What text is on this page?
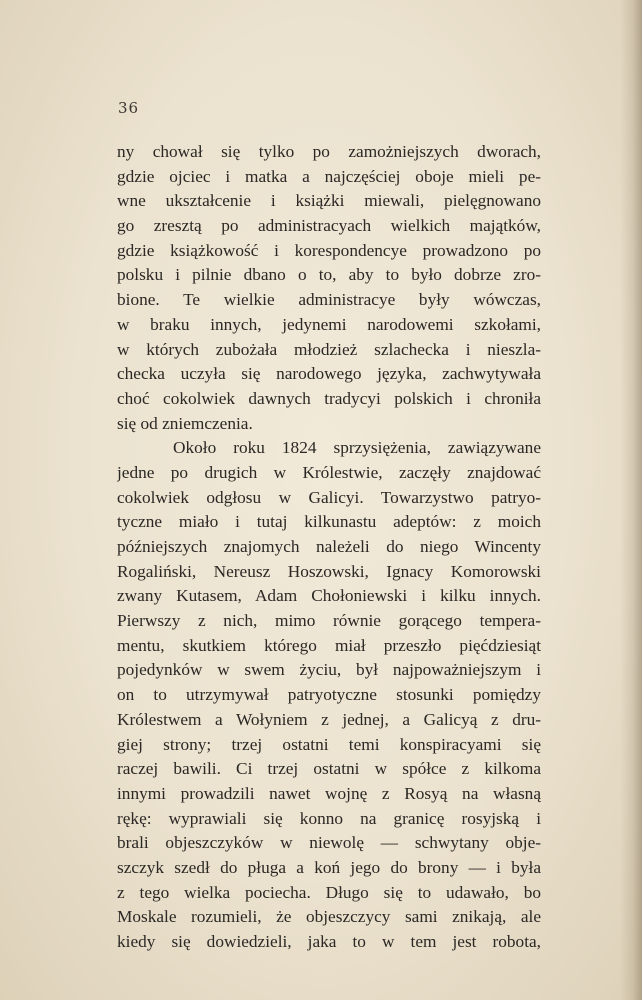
36
ny chował się tylko po zamożniejszych dworach,
gdzie ojciec i matka a najczęściej oboje mieli pe-
wne ukształcenie i książki miewali, pielęgnowano
go zresztą po administracyach wielkich majątków,
gdzie książkowość i korespondencye prowadzono po
polsku i pilnie dbano o to, aby to było dobrze zro-
bione. Te wielkie administracye były wówczas,
w braku innych, jedynemi narodowemi szkołami,
w których zubożała młodzież szlachecka i nieszla-
checka uczyła się narodowego języka, zachwytywała
choć cokolwiek dawnych tradycyi polskich i chroniła
się od zniemczenia.
Około roku 1824 sprzysiężenia, zawiązywane
jedne po drugich w Królestwie, zaczęły znajdować
cokolwiek odgłosu w Galicyi. Towarzystwo patryo-
tyczne miało i tutaj kilkunastu adeptów: z moich
późniejszych znajomych należeli do niego Wincenty
Rogaliński, Nereusz Hoszowski, Ignacy Komorowski
zwany Kutasem, Adam Chołoniewski i kilku innych.
Pierwszy z nich, mimo równie gorącego tempera-
mentu, skutkiem którego miał przeszło pięćdziesiąt
pojedynków w swem życiu, był najpoważniejszym i
on to utrzymywał patryotyczne stosunki pomiędzy
Królestwem a Wołyniem z jednej, a Galicyą z dru-
giej strony; trzej ostatni temi konspiracyami się
raczej bawili. Ci trzej ostatni w spółce z kilkoma
innymi prowadzili nawet wojnę z Rosyą na własną
rękę: wyprawiali się konno na granicę rosyjską i
brali objeszczyków w niewolę — schwytany obje-
szczyk szedł do pługa a koń jego do brony — i była
z tego wielka pociecha. Długo się to udawało, bo
Moskale rozumieli, że objeszczycy sami znikają, ale
kiedy się dowiedzieli, jaka to w tem jest robota,
